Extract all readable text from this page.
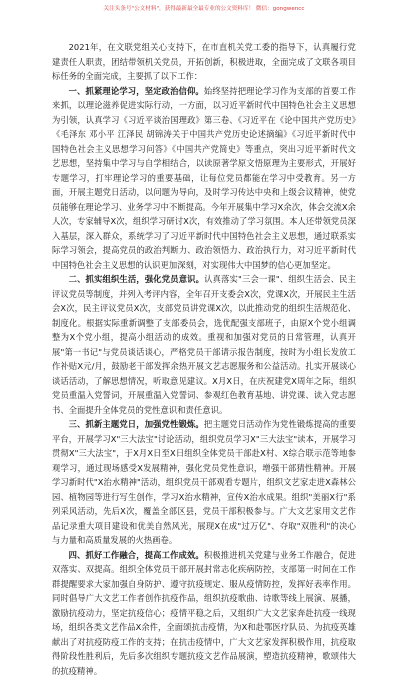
关注头条号"公文材料"，获得最新最全最专业的公文资料库！ 微信：gongwencc

2021年，在文联党组关心支持下，在市直机关党工委的指导下，认真履行党建责任人职责，团结带领机关党员，开拓创新，积极进取，全面完成了文联各项目标任务的全面完成，主要抓了以下工作：

一、抓紧理论学习，坚定政治信仰。始终坚持把理论学习作为支部的首要工作来抓，以理论滋养促进实际行动，一方面，以习近平新时代中国特色社会主义思想为引领，认真学习《习近平谈治国理政》第三卷、《习近平在《论中国共产党历史》《毛泽东 邓小平 江泽民 胡锦涛关于中国共产党历史论述摘编》《习近平新时代中国特色社会主义思想学习问答》《中国共产党简史》等重点，突出习近平新时代文艺思想，坚持集中学习与自学相结合，以读原著学原文悟原理为主要形式，开展好专题学习，打牢理论学习的重要基础，让每位党员都能在学习中受教育。另一方面，开展主题党日活动，以问题为导向，及时学习传达中央和上级会议精神，使党员能够在理论学习、业务学习中不断提高。今年开展集中学习X余次，体会交流X余人次，专家辅导X次，组织学习研讨X次，有效推动了学习氛围。本人还带领党员深入基层，深入群众，系统学习了习近平新时代中国特色社会主义思想，通过联系实际学习领会，提高党员的政治判断力、政治领悟力、政治执行力，对习近平新时代中国特色社会主义思想的认识更加深刻，对实现伟大中国梦的信心更加坚定。

二、抓实组织生活，强化党员意识。认真落实"三会一课"、组织生活会、民主评议党员等制度，并列入考评内容，全年召开支委会X次，党课X次，开展民主生活会X次，民主评议党员X次，支部党员讲党课X次，以此推动党的组织生活规范化、制度化。根据实际重新调整了支部委员会，选优配强支部班子，由原X个党小组调整为X个党小组，提高小组活动的成效。重视和加强对党员的日常管理，认真开展"第一书记"与党员谈话谈心，严格党员干部请示报告制度，按时为小组长发放工作补贴X元/月，鼓励老干部发挥余热开展文艺志愿服务和公益活动。扎实开展谈心谈话活动，了解思想情况，听取意见建议。X月X日，在庆祝建党X周年之际，组织党员重温入党誓词，开展重温入党誓词、参观红色教育基地、讲党课、读入党志愿书、全面提升全体党员的党性意识和责任意识。

三、抓新主题党日，加强党性锻炼。把主题党日活动作为党性锻炼提高的重要平台，开展学习X"三大法宝"讨论活动，组织党员学习X"三大法宝"读本，开展学习贯彻X"三大法宝"，于X月X日至X日组织全体党员干部赴X村、X综合联示范等地参观学习，通过现场感受X发展精神，强化党员党性意识，增强干部猜性精神。开展学习新时代"X治水精神"活动，组织党员干部观看专题片，组织文艺家走进X森林公园、植物园等进行写生创作，学习X治水精神，宣传X治水成果。组织"美丽X行"系列采风活动，先后X次，覆盖全部区县，党员干部积极参与。广大文艺家用文艺作品记录重大项目建设和优美自然风光，展现X在成"过万亿"、夺取"双胜利"的决心与力量和高质量发展的火热画卷。

四、抓好工作融合，提高工作成效。积极推进机关党建与业务工作融合，促进双落实、双提高。组织全体党员干部开展封常志化疾病防控，支部第一时间在工作群提醒要求大家加强自身防护、遵守抗疫规定、服从疫情防控，发挥好表率作用。同时倡导广大文艺工作者创作抗疫作品，组织抗疫歌曲、诗歌等线上展演、展播，激励抗疫动力，坚定抗疫信心；疫情平稳之后，又组织广大文艺家奔赴抗疫一线现场，组织各类文艺作品X余件，全面颂抗击疫情，为X和赴鄂医疗队员、为抗疫英雄献出了对抗疫防疫工作的支持；在抗击疫情中，广大文艺家发挥积极作用，抗疫取得阶段性胜利后，先后多次组织专题抗疫文艺作品展演，塑造抗疫精神，歌颂伟大的抗疫精神。
